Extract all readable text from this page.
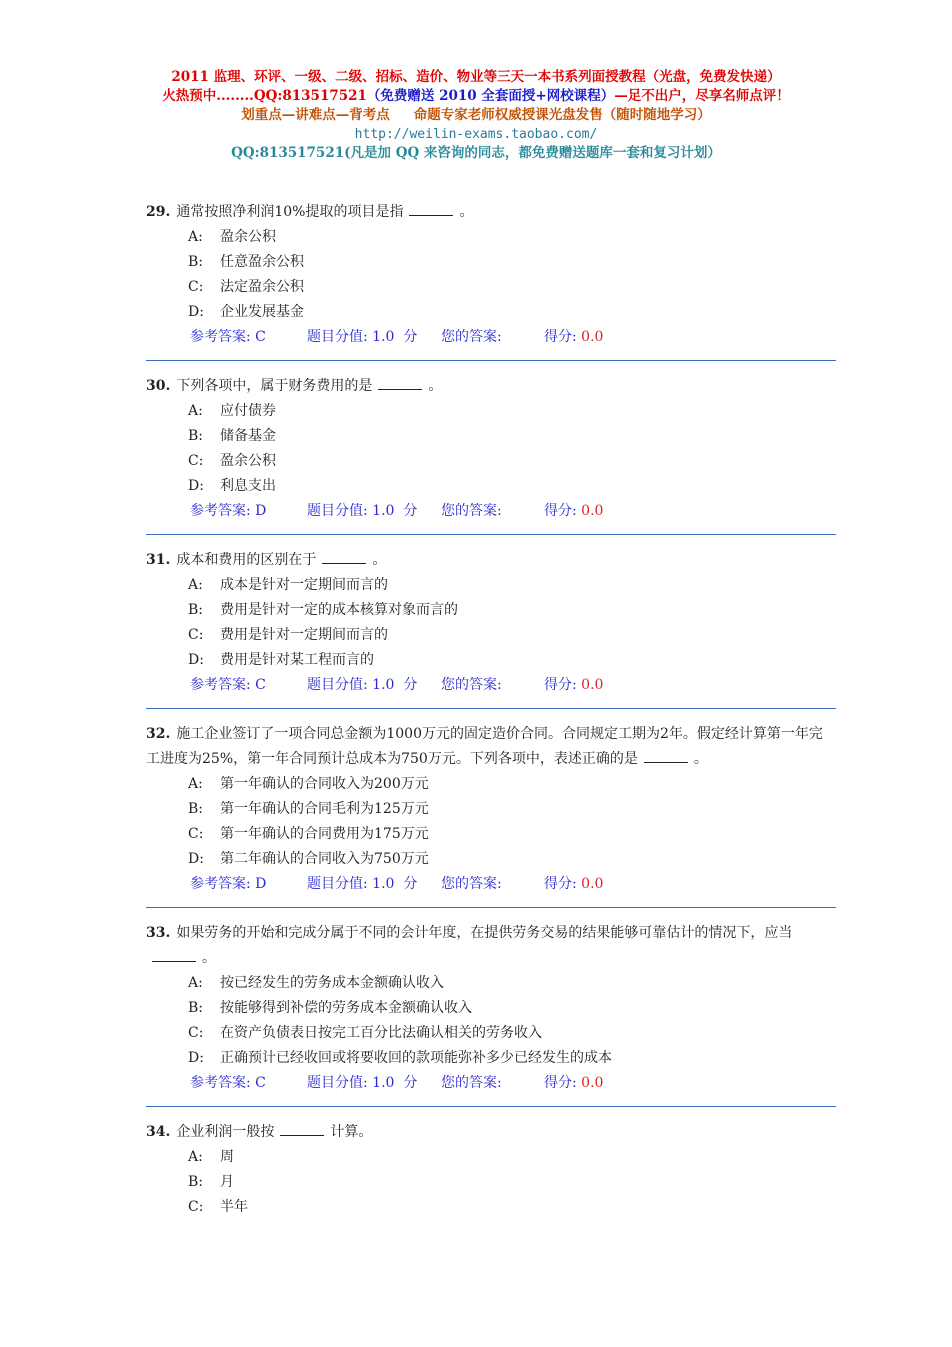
2011 监理、环评、一级、二级、招标、造价、物业等三天一本书系列面授教程（光盘，免费发快递）
火热预中........QQ:813517521（免费赠送 2010 全套面授+网校课程）—足不出户，尽享名师点评！
划重点—讲难点—背考点 命题专家老师权威授课光盘发售（随时随地学习）
http://weilin-exams.taobao.com/
QQ:813517521(凡是加 QQ 来咨询的同志，都免费赠送题库一套和复习计划）
29. 通常按照净利润10%提取的项目是指	。
A: 盈余公积
B: 任意盈余公积
C: 法定盈余公积
D: 企业发展基金
参考答案: C	题目分值: 1.0 分 您的答案:	得分: 0.0
30. 下列各项中，属于财务费用的是	。
A: 应付债券
B: 储备基金
C: 盈余公积
D: 利息支出
参考答案: D	题目分值: 1.0 分 您的答案:	得分: 0.0
31. 成本和费用的区别在于	。
A: 成本是针对一定期间而言的
B: 费用是针对一定的成本核算对象而言的
C: 费用是针对一定期间而言的
D: 费用是针对某工程而言的
参考答案: C	题目分值: 1.0 分 您的答案:	得分: 0.0
32. 施工企业签订了一项合同总金额为1000万元的固定造价合同。合同规定工期为2年。假定经计算第一年完工进度为25%，第一年合同预计总成本为750万元。下列各项中，表述正确的是	。
A: 第一年确认的合同收入为200万元
B: 第一年确认的合同毛利为125万元
C: 第一年确认的合同费用为175万元
D: 第二年确认的合同收入为750万元
参考答案: D	题目分值: 1.0 分 您的答案:	得分: 0.0
33. 如果劳务的开始和完成分属于不同的会计年度，在提供劳务交易的结果能够可靠估计的情况下，应当。
A: 按已经发生的劳务成本金额确认收入
B: 按能够得到补偿的劳务成本金额确认收入
C: 在资产负债表日按完工百分比法确认相关的劳务收入
D: 正确预计已经收回或将要收回的款项能弥补多少已经发生的成本
参考答案: C	题目分值: 1.0 分 您的答案:	得分: 0.0
34. 企业利润一般按	计算。
A: 周
B: 月
C: 半年
